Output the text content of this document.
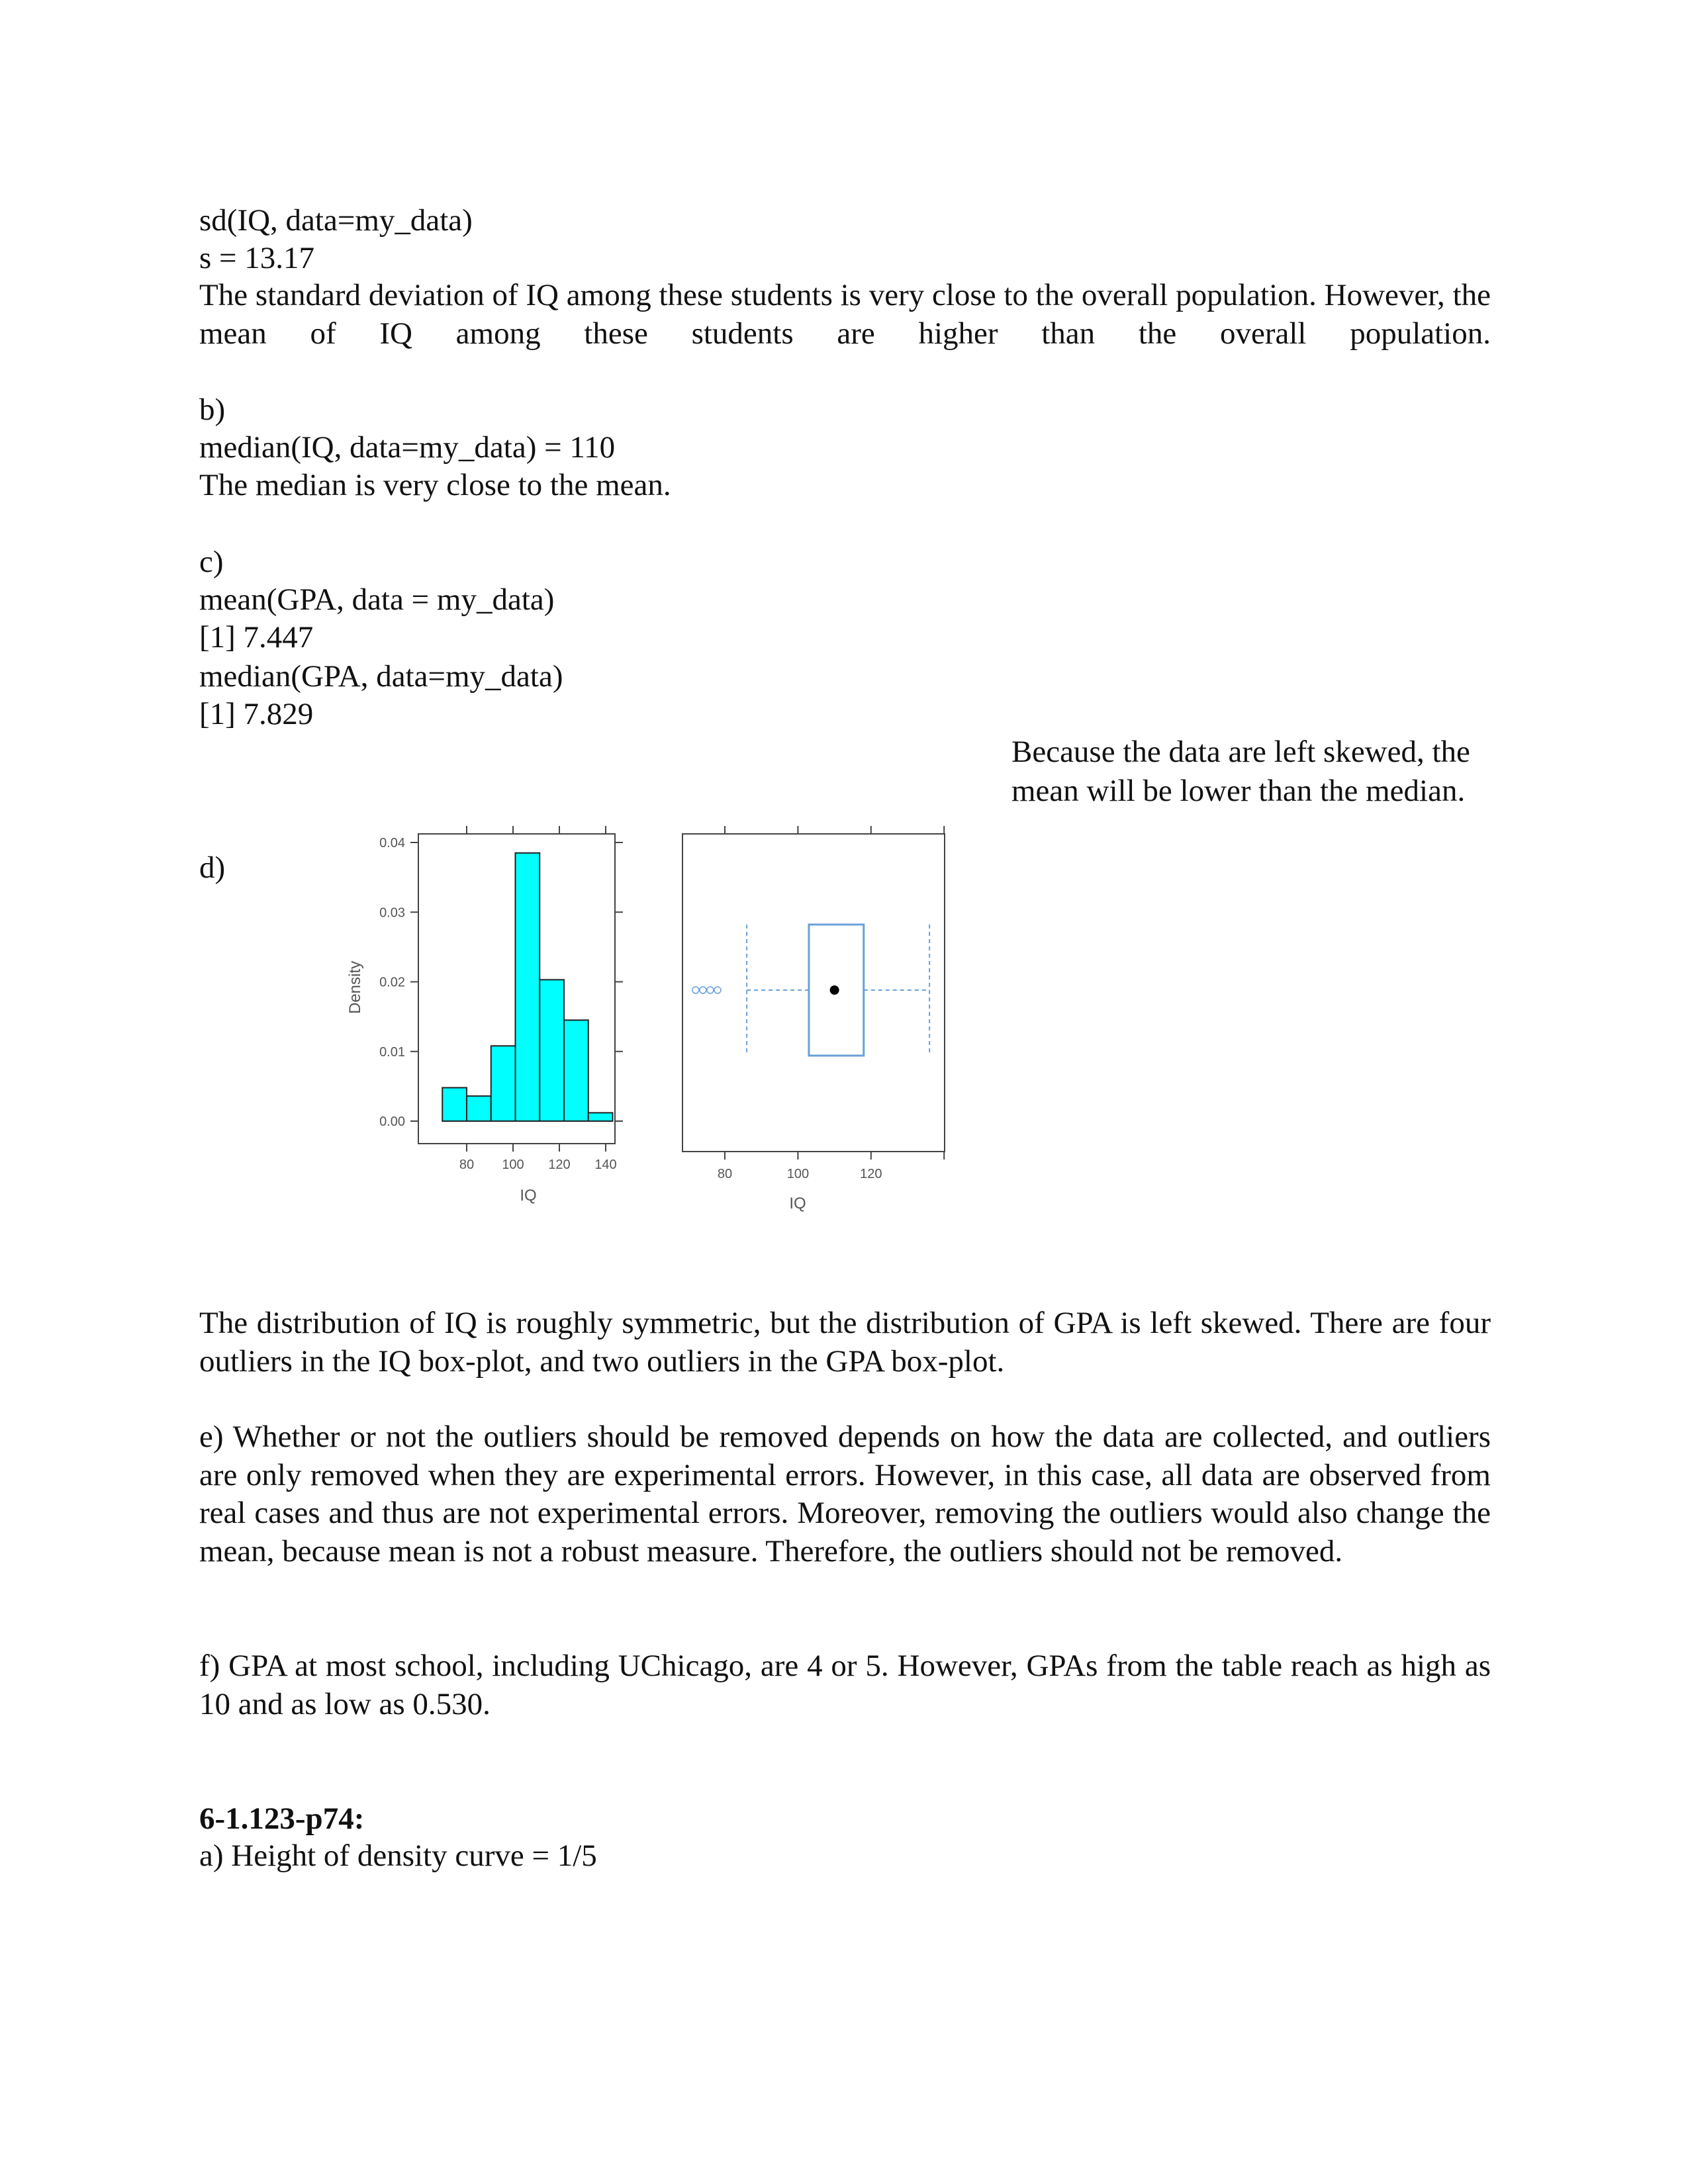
sd(IQ, data=my_data)
s = 13.17
The standard deviation of IQ among these students is very close to the overall population. However, the mean of IQ among these students are higher than the overall population.
b)
median(IQ, data=my_data) = 110
The median is very close to the mean.
c)
mean(GPA, data = my_data)
[1] 7.447
median(GPA, data=my_data)
[1] 7.829
Because the data are left skewed, the
mean will be lower than the median.
d)
0.00
0.01
0.02
0.03
0.04
80 100 120 140
IQ
Density
80	100	120
IQ
The distribution of IQ is roughly symmetric, but the distribution of GPA is left skewed. There are four outliers in the IQ box-plot, and two outliers in the GPA box-plot.
e) Whether or not the outliers should be removed depends on how the data are collected, and outliers are only removed when they are experimental errors. However, in this case, all data are observed from real cases and thus are not experimental errors. Moreover, removing the outliers would also change the mean, because mean is not a robust measure. Therefore, the outliers should not be removed.
f) GPA at most school, including UChicago, are 4 or 5. However, GPAs from the table reach as high as 10 and as low as 0.530.
6-1.123-p74:
a) Height of density curve = 1/5
